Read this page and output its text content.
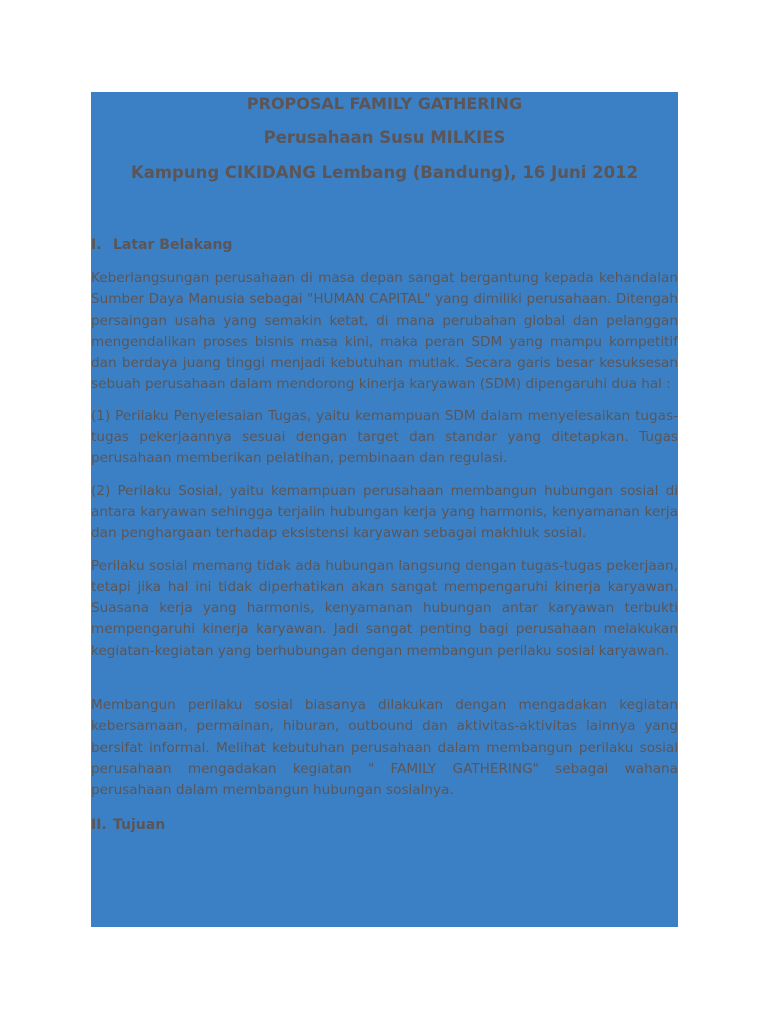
PROPOSAL FAMILY GATHERING
Perusahaan Susu MILKIES
Kampung CIKIDANG Lembang (Bandung), 16 Juni 2012
I. Latar Belakang

Keberlangsungan perusahaan di masa depan sangat bergantung kepada kehandalan Sumber Daya Manusia sebagai "HUMAN CAPITAL" yang dimiliki perusahaan. Ditengah persaingan usaha yang semakin ketat, di mana perubahan global dan pelanggan mengendalikan proses bisnis masa kini, maka peran SDM yang mampu kompetitif dan berdaya juang tinggi menjadi kebutuhan mutlak. Secara garis besar kesuksesan sebuah perusahaan dalam mendorong kinerja karyawan (SDM) dipengaruhi dua hal :

(1) Perilaku Penyelesaian Tugas, yaitu kemampuan SDM dalam menyelesaikan tugas-tugas pekerjaannya sesuai dengan target dan standar yang ditetapkan. Tugas perusahaan memberikan pelatihan, pembinaan dan regulasi.

(2) Perilaku Sosial, yaitu kemampuan perusahaan membangun hubungan sosial di antara karyawan sehingga terjalin hubungan kerja yang harmonis, kenyamanan kerja dan penghargaan terhadap eksistensi karyawan sebagai makhluk sosial.

Perilaku sosial memang tidak ada hubungan langsung dengan tugas-tugas pekerjaan, tetapi jika hal ini tidak diperhatikan akan sangat mempengaruhi kinerja karyawan. Suasana kerja yang harmonis, kenyamanan hubungan antar karyawan terbukti mempengaruhi kinerja karyawan. Jadi sangat penting bagi perusahaan melakukan kegiatan-kegiatan yang berhubungan dengan membangun perilaku sosial karyawan.

Membangun perilaku sosial biasanya dilakukan dengan mengadakan kegiatan kebersamaan, permainan, hiburan, outbound dan aktivitas-aktivitas lainnya yang bersifat informal. Melihat kebutuhan perusahaan dalam membangun perilaku sosial perusahaan mengadakan kegiatan " FAMILY GATHERING" sebagai wahana perusahaan dalam membangun hubungan sosialnya.

II. Tujuan
